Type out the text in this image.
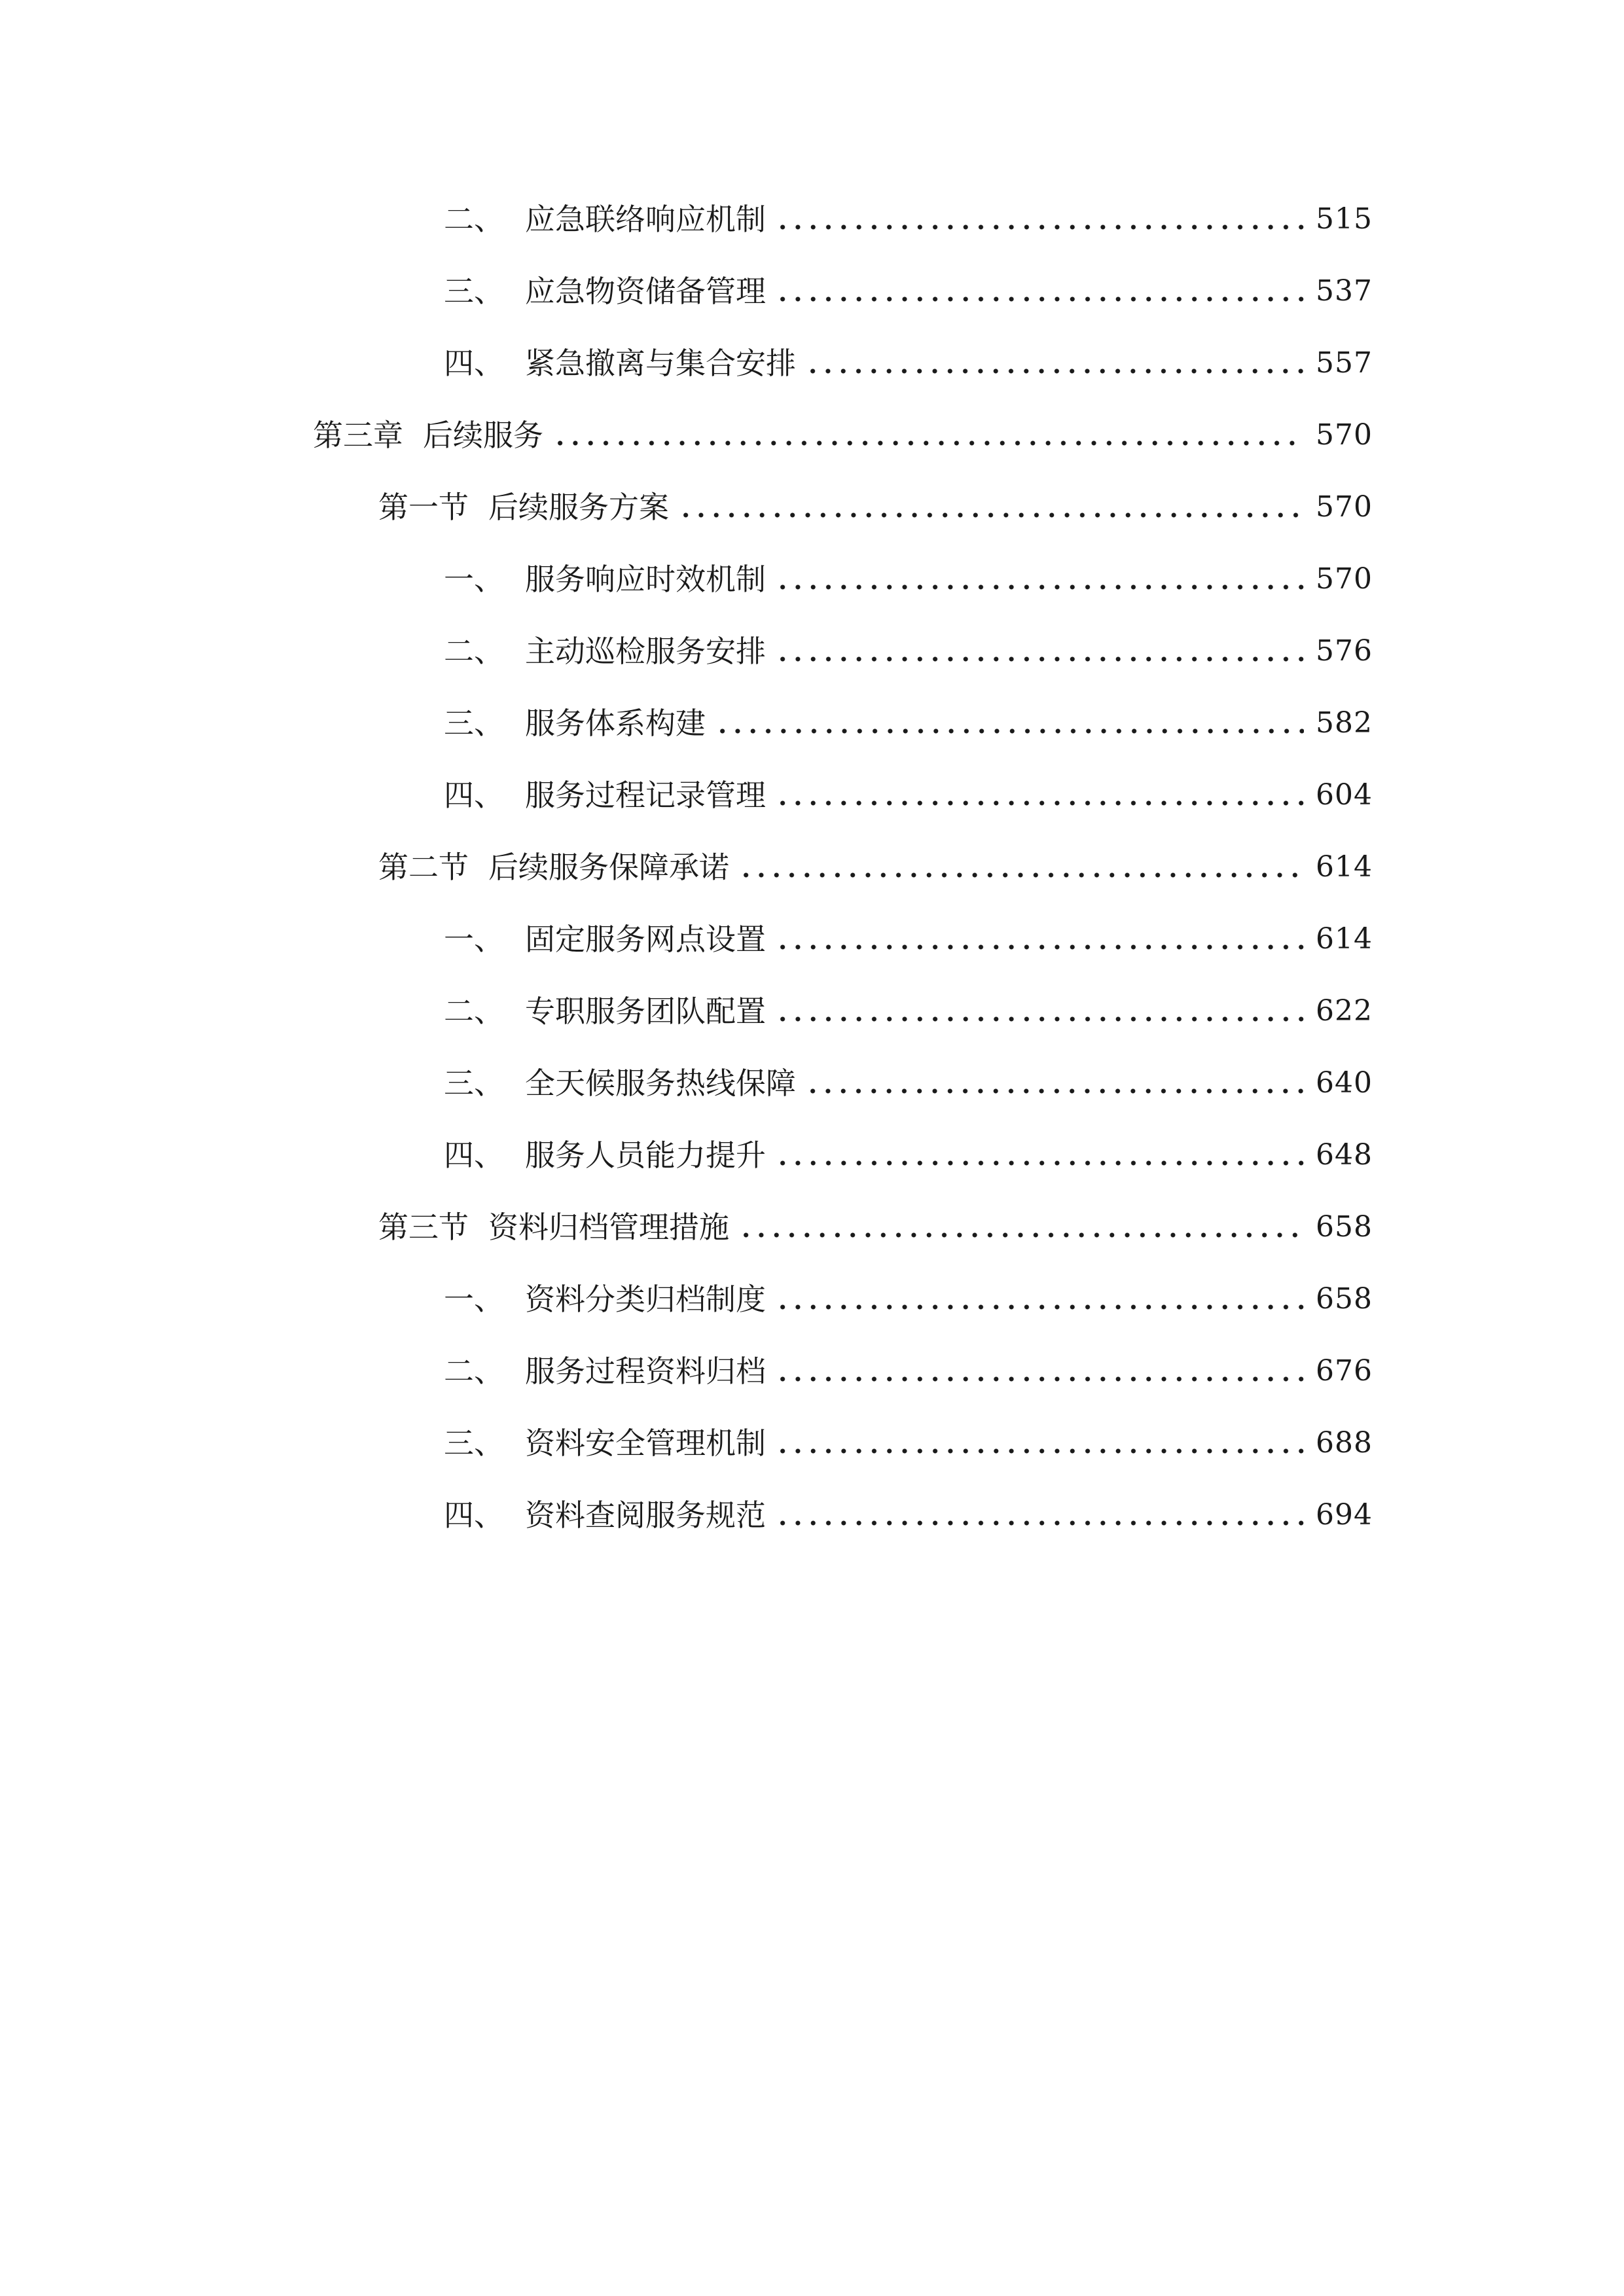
二、 应急联络响应机制	515
三、 应急物资储备管理	537
四、 紧急撤离与集合安排	557
第三章 后续服务	570
第一节 后续服务方案	570
一、 服务响应时效机制	570
二、 主动巡检服务安排	576
三、 服务体系构建	582
四、 服务过程记录管理	604
第二节 后续服务保障承诺	614
一、 固定服务网点设置	614
二、 专职服务团队配置	622
三、 全天候服务热线保障	640
四、 服务人员能力提升	648
第三节 资料归档管理措施	658
一、 资料分类归档制度	658
二、 服务过程资料归档	676
三、 资料安全管理机制	688
四、 资料查阅服务规范	694
